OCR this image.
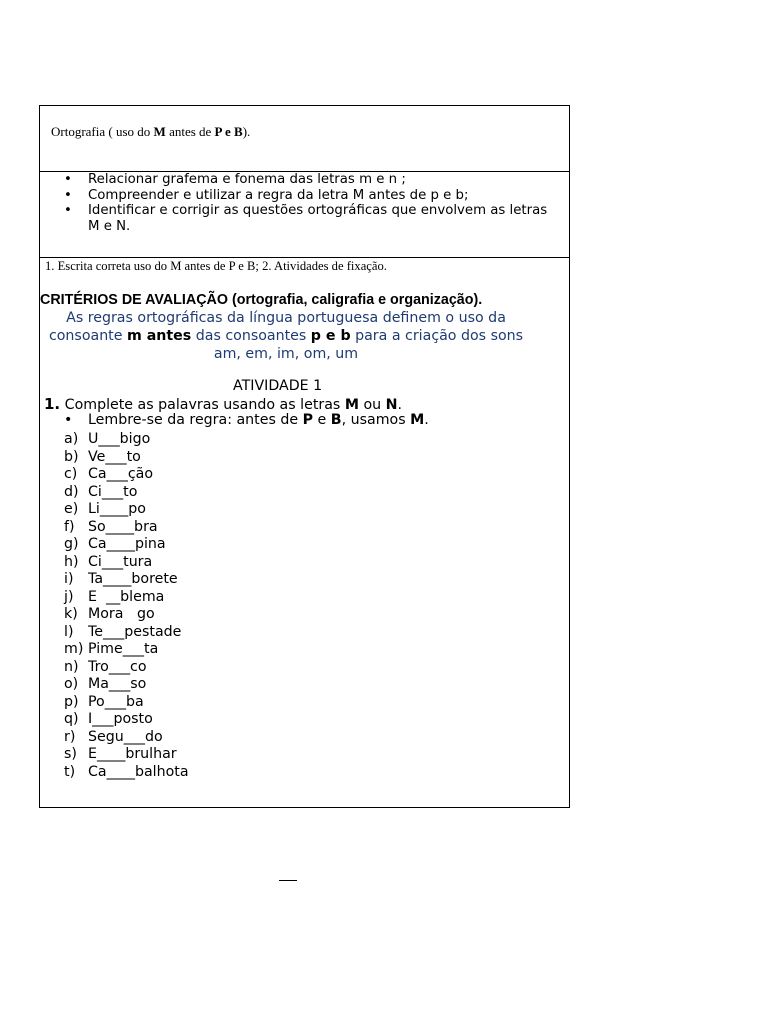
Ortografia ( uso do M antes de P e B).
• Relacionar grafema e fonema das letras m e n ;
• Compreender e utilizar a regra da letra M antes de p e b;
• Identificar e corrigir as questões ortográficas que envolvem as letras M e N.
1. Escrita correta uso do M antes de P e B; 2. Atividades de fixação.
CRITÉRIOS DE AVALIAÇÃO (ortografia, caligrafia e organização).
As regras ortográficas da língua portuguesa definem o uso da consoante m antes das consoantes p e b para a criação dos sons am, em, im, om, um
ATIVIDADE 1
1. Complete as palavras usando as letras M ou N.
• Lembre-se da regra: antes de P e B, usamos M.
a) U___bigo
b) Ve___to
c) Ca___ção
d) Ci___to
e) Li____po
f) So____bra
g) Ca____pina
h) Ci___tura
i) Ta____borete
j) E  __blema
k) Mora   go
l) Te___pestade
m) Pime___ta
n) Tro___co
o) Ma___so
p) Po___ba
q) I___posto
r) Segu___do
s) E____brulhar
t) Ca____balhota
